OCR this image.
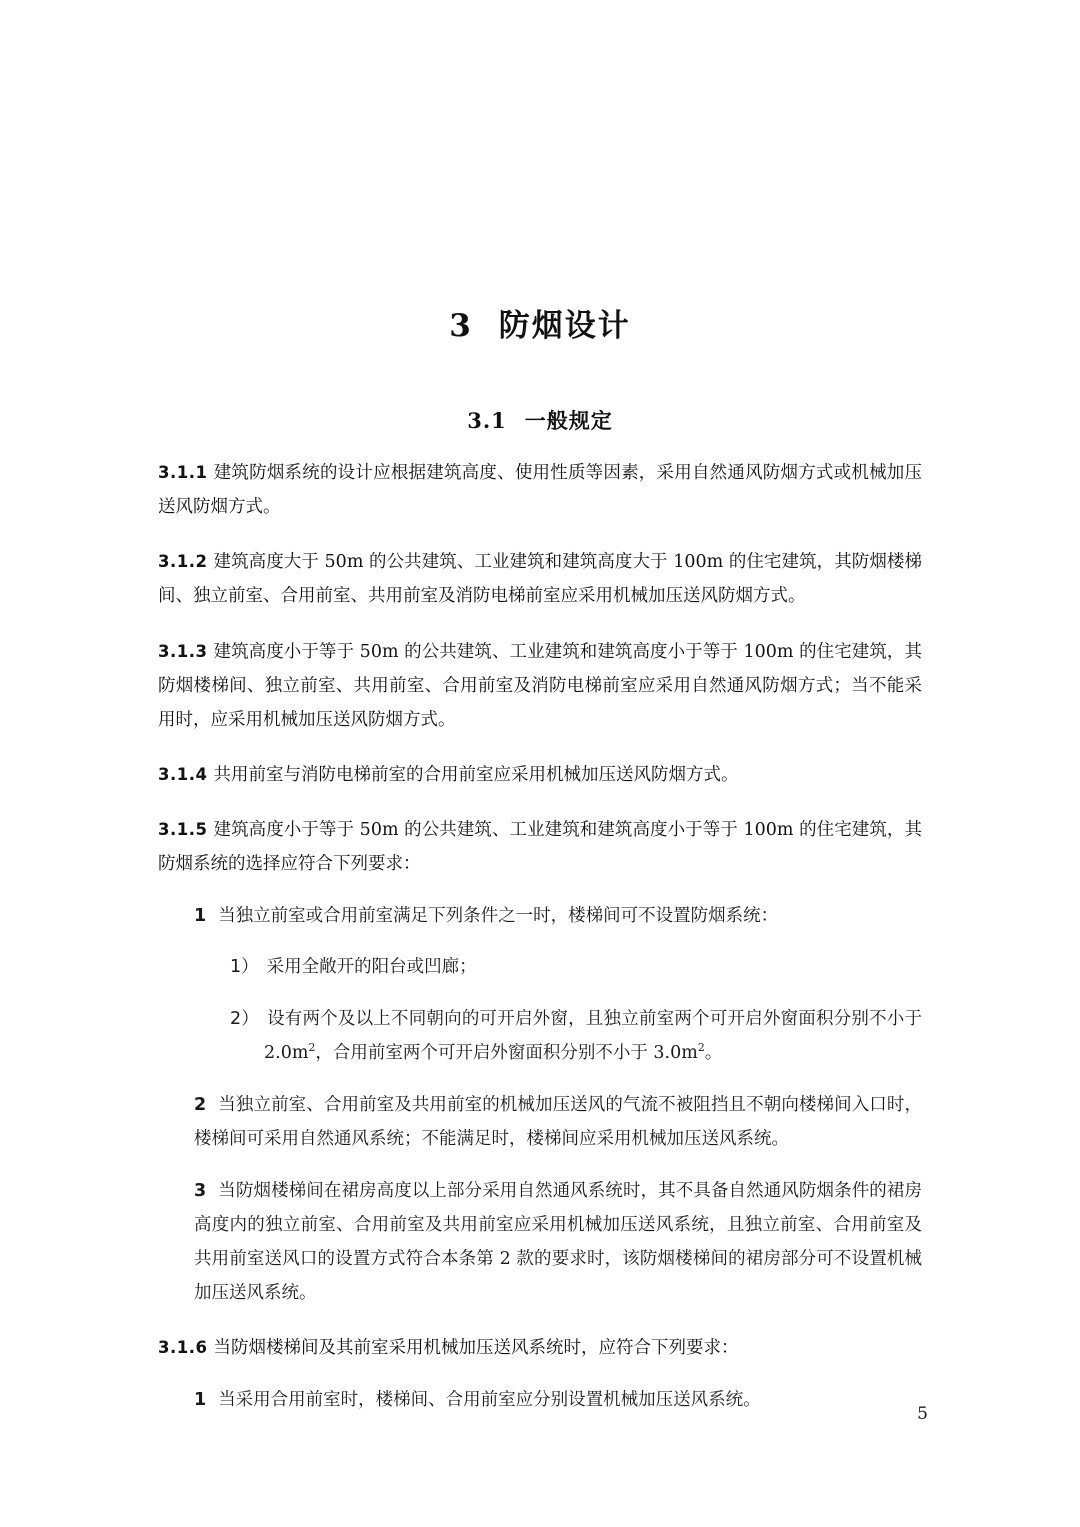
3 防烟设计
3.1 一般规定

3.1.1 建筑防烟系统的设计应根据建筑高度、使用性质等因素，采用自然通风防烟方式或机械加压送风防烟方式。

3.1.2 建筑高度大于 50m 的公共建筑、工业建筑和建筑高度大于 100m 的住宅建筑，其防烟楼梯间、独立前室、合用前室、共用前室及消防电梯前室应采用机械加压送风防烟方式。

3.1.3 建筑高度小于等于 50m 的公共建筑、工业建筑和建筑高度小于等于 100m 的住宅建筑，其防烟楼梯间、独立前室、共用前室、合用前室及消防电梯前室应采用自然通风防烟方式；当不能采用时，应采用机械加压送风防烟方式。

3.1.4 共用前室与消防电梯前室的合用前室应采用机械加压送风防烟方式。

3.1.5 建筑高度小于等于 50m 的公共建筑、工业建筑和建筑高度小于等于 100m 的住宅建筑，其防烟系统的选择应符合下列要求：

1 当独立前室或合用前室满足下列条件之一时，楼梯间可不设置防烟系统：

1） 采用全敞开的阳台或凹廊；

2） 设有两个及以上不同朝向的可开启外窗，且独立前室两个可开启外窗面积分别不小于 $2.0m^2$，合用前室两个可开启外窗面积分别不小于 $3.0m^2$。

2 当独立前室、合用前室及共用前室的机械加压送风的气流不被阻挡且不朝向楼梯间入口时，楼梯间可采用自然通风系统；不能满足时，楼梯间应采用机械加压送风系统。

3 当防烟楼梯间在裙房高度以上部分采用自然通风系统时，其不具备自然通风防烟条件的裙房高度内的独立前室、合用前室及共用前室应采用机械加压送风系统，且独立前室、合用前室及共用前室送风口的设置方式符合本条第 2 款的要求时，该防烟楼梯间的裙房部分可不设置机械加压送风系统。

3.1.6 当防烟楼梯间及其前室采用机械加压送风系统时，应符合下列要求：

1 当采用合用前室时，楼梯间、合用前室应分别设置机械加压送风系统。

5
